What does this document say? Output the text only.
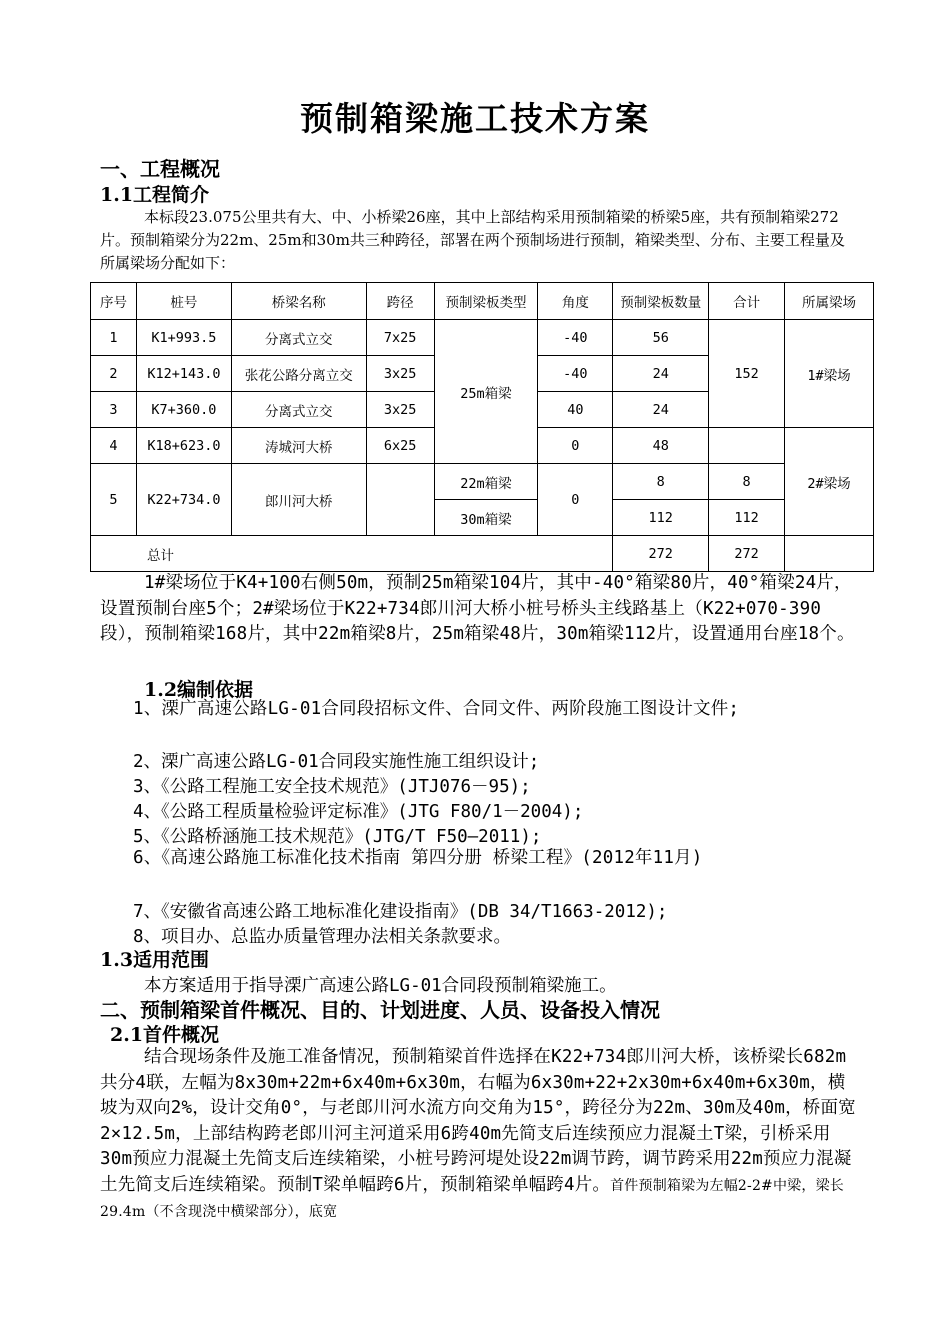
预制箱梁施工技术方案
一、工程概况
1.1工程简介
本标段23.075公里共有大、中、小桥梁26座，其中上部结构采用预制箱梁的桥梁5座，共有预制箱梁272片。预制箱梁分为22m、25m和30m共三种跨径，部署在两个预制场进行预制，箱梁类型、分布、主要工程量及所属梁场分配如下：
序号	桩号	桥梁名称	跨径	预制梁板类型	角度	预制梁板数量	合计	所属梁场
1	K1+993.5	分离式立交	7x25	25m箱梁	-40	56	152	1#梁场
2	K12+143.0	张花公路分离立交	3x25		-40	24		
3	K7+360.0	分离式立交	3x25		40	24		
4	K18+623.0	涛城河大桥	6x25		0	48		2#梁场
5	K22+734.0	郎川河大桥		22m箱梁	0	8	8	
				30m箱梁		112	112	
总计						272	272	
1#梁场位于K4+100右侧50m，预制25m箱梁104片，其中-40°箱梁80片，40°箱梁24片，设置预制台座5个；2#梁场位于K22+734郎川河大桥小桩号桥头主线路基上（K22+070-390段），预制箱梁168片，其中22m箱梁8片，25m箱梁48片，30m箱梁112片，设置通用台座18个。
1.2编制依据
1、溧广高速公路LG-01合同段招标文件、合同文件、两阶段施工图设计文件;
2、溧广高速公路LG-01合同段实施性施工组织设计;
3、《公路工程施工安全技术规范》(JTJ076－95);
4、《公路工程质量检验评定标准》(JTG F80/1－2004);
5、《公路桥涵施工技术规范》(JTG/T F50—2011);
6、《高速公路施工标准化技术指南 第四分册 桥梁工程》(2012年11月)
7、《安徽省高速公路工地标准化建设指南》(DB 34/T1663-2012);
8、项目办、总监办质量管理办法相关条款要求。
1.3适用范围
本方案适用于指导溧广高速公路LG-01合同段预制箱梁施工。
二、预制箱梁首件概况、目的、计划进度、人员、设备投入情况
2.1首件概况
结合现场条件及施工准备情况，预制箱梁首件选择在K22+734郎川河大桥，该桥梁长682m共分4联，左幅为8x30m+22m+6x40m+6x30m，右幅为6x30m+22+2x30m+6x40m+6x30m，横坡为双向2%，设计交角0°，与老郎川河水流方向交角为15°，跨径分为22m、30m及40m，桥面宽2×12.5m，上部结构跨老郎川河主河道采用6跨40m先简支后连续预应力混凝土T梁，引桥采用30m预应力混凝土先简支后连续箱梁，小桩号跨河堤处设22m调节跨，调节跨采用22m预应力混凝土先简支后连续箱梁。预制T梁单幅跨6片，预制箱梁单幅跨4片。首件预制箱梁为左幅2-2#中梁，梁长29.4m（不含现浇中横梁部分），底宽
